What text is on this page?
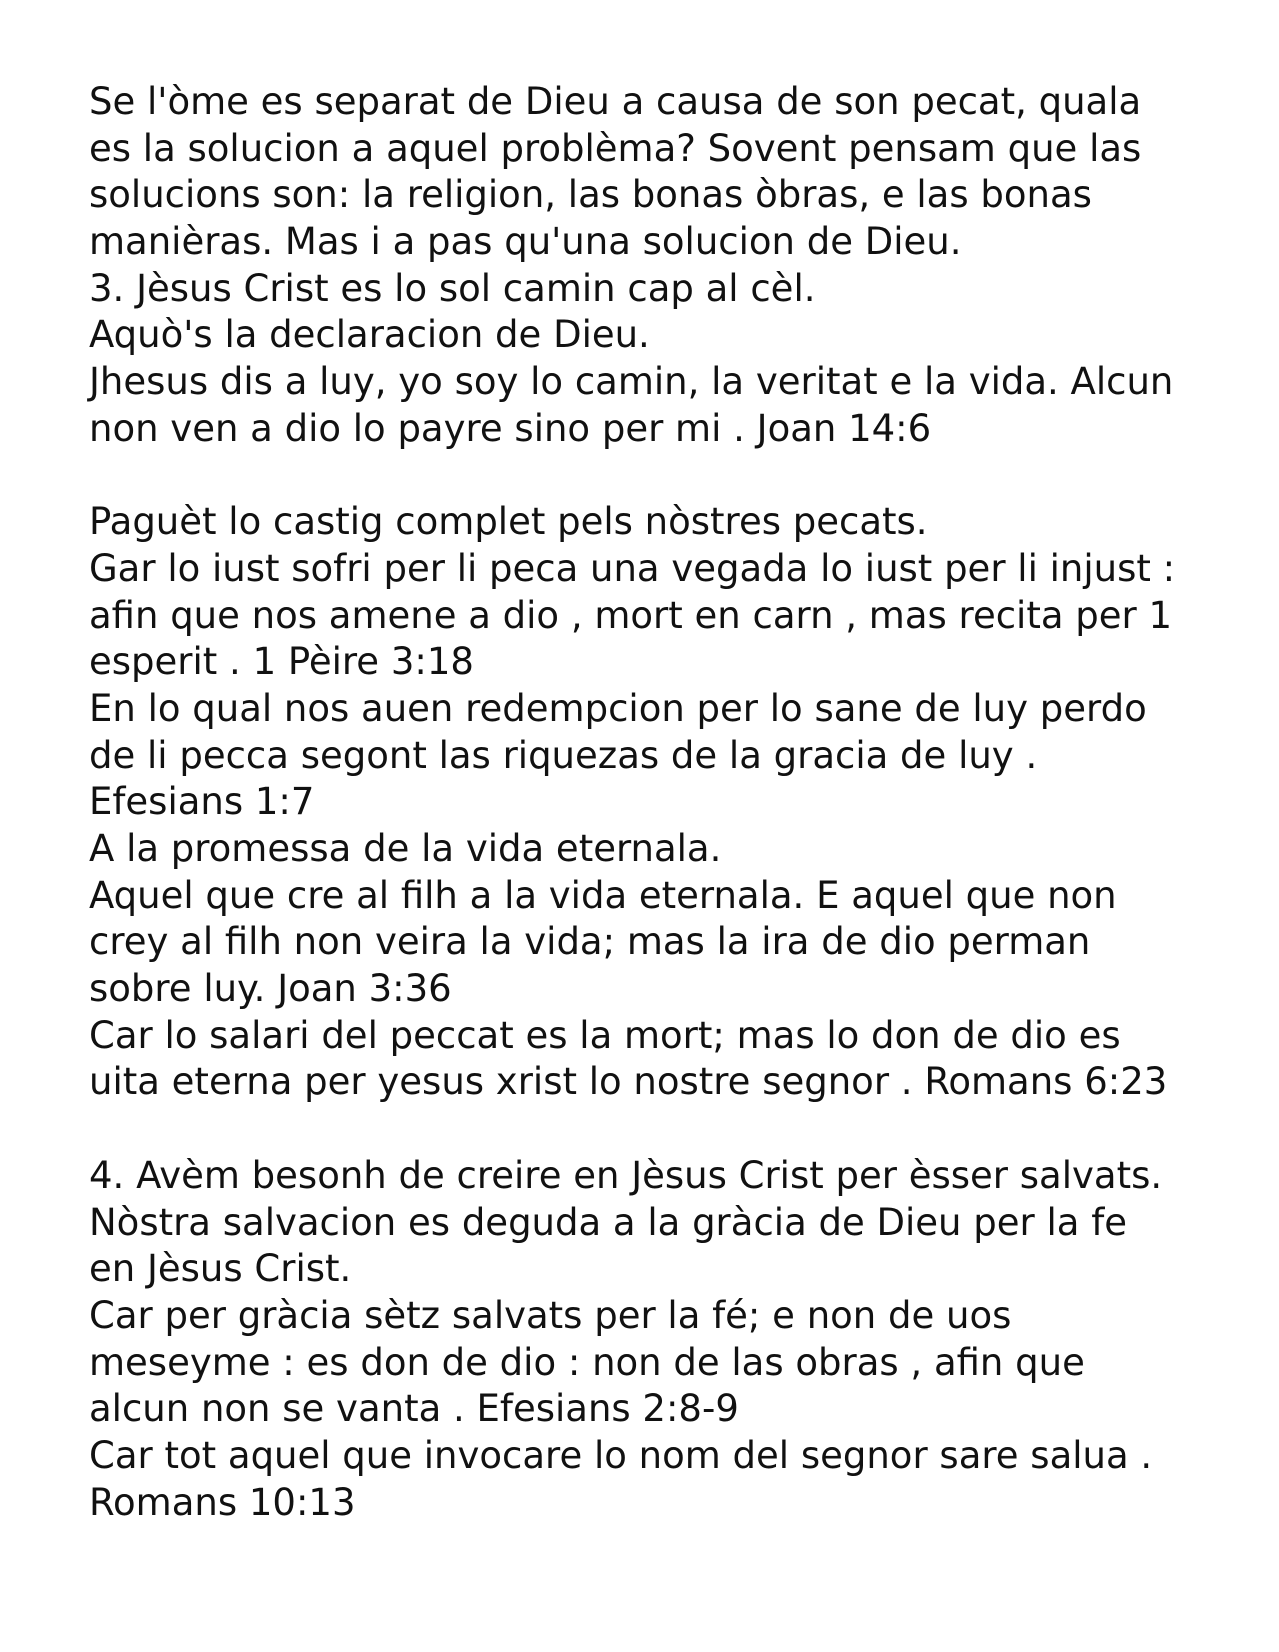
Se l'òme es separat de Dieu a causa de son pecat, quala
es la solucion a aquel problèma? Sovent pensam que las
solucions son: la religion, las bonas òbras, e las bonas
manièras. Mas i a pas qu'una solucion de Dieu.
3. Jèsus Crist es lo sol camin cap al cèl.
Aquò's la declaracion de Dieu.
Jhesus dis a luy, yo soy lo camin, la veritat e la vida. Alcun
non ven a dio lo payre sino per mi . Joan 14:6
Paguèt lo castig complet pels nòstres pecats.
Gar lo iust sofri per li peca una vegada lo iust per li injust :
afin que nos amene a dio , mort en carn , mas recita per 1
esperit . 1 Pèire 3:18
En lo qual nos auen redempcion per lo sane de luy perdo
de li pecca segont las riquezas de la gracia de luy .
Efesians 1:7
A la promessa de la vida eternala.
Aquel que cre al filh a la vida eternala. E aquel que non
crey al filh non veira la vida; mas la ira de dio perman
sobre luy. Joan 3:36
Car lo salari del peccat es la mort; mas lo don de dio es
uita eterna per yesus xrist lo nostre segnor . Romans 6:23
4. Avèm besonh de creire en Jèsus Crist per èsser salvats.
Nòstra salvacion es deguda a la gràcia de Dieu per la fe
en Jèsus Crist.
Car per gràcia sètz salvats per la fé; e non de uos
meseyme : es don de dio : non de las obras , afin que
alcun non se vanta . Efesians 2:8-9
Car tot aquel que invocare lo nom del segnor sare salua .
Romans 10:13
